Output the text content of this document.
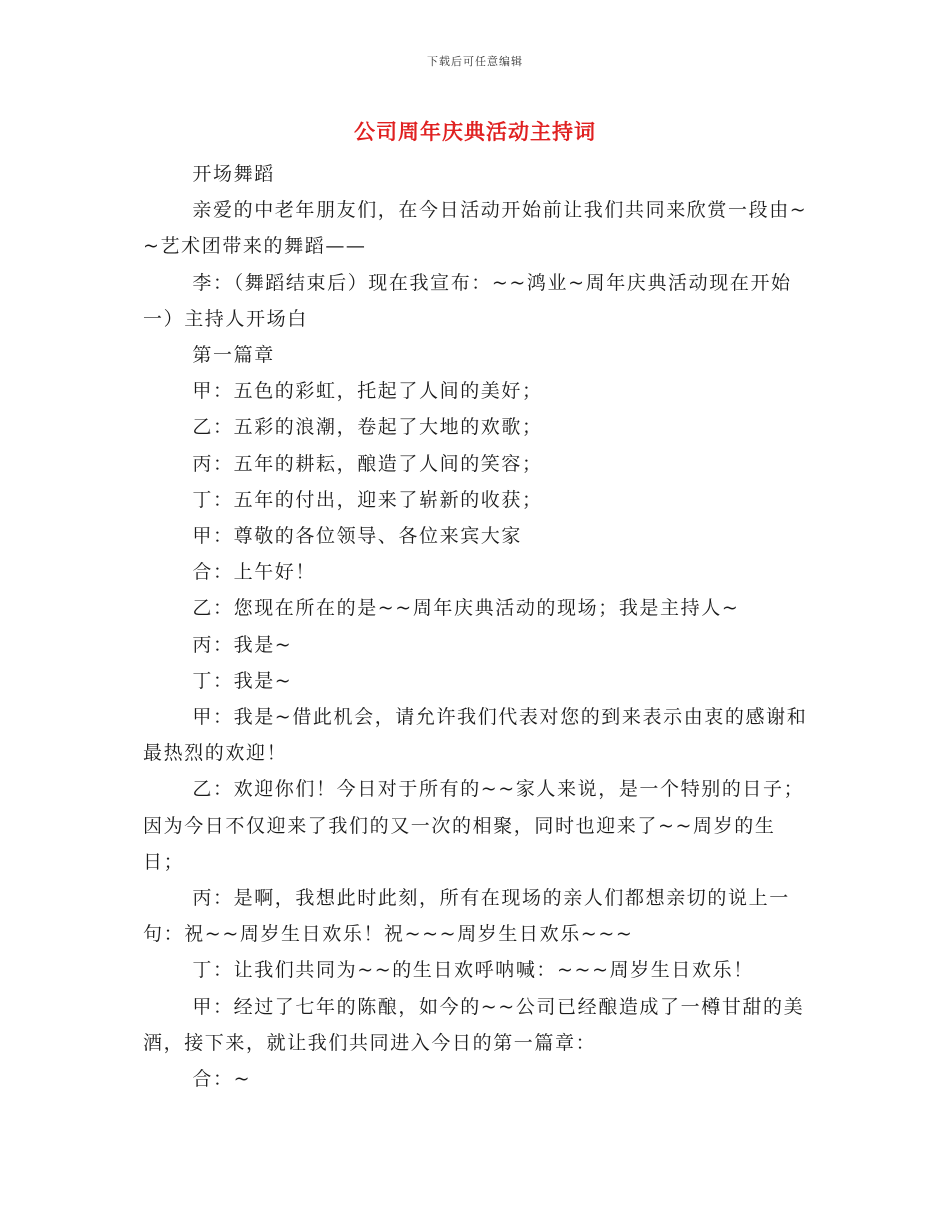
下载后可任意编辑
公司周年庆典活动主持词

开场舞蹈

亲爱的中老年朋友们，在今日活动开始前让我们共同来欣赏一段由~~艺术团带来的舞蹈——

李：（舞蹈结束后）现在我宣布：~~鸿业~周年庆典活动现在开始一）主持人开场白

第一篇章

甲：五色的彩虹，托起了人间的美好；

乙：五彩的浪潮，卷起了大地的欢歌；

丙：五年的耕耘，酿造了人间的笑容；

丁：五年的付出，迎来了崭新的收获；

甲：尊敬的各位领导、各位来宾大家

合：上午好！

乙：您现在所在的是~~周年庆典活动的现场；我是主持人~

丙：我是~

丁：我是~

甲：我是~借此机会，请允许我们代表对您的到来表示由衷的感谢和最热烈的欢迎！

乙：欢迎你们！今日对于所有的~~家人来说，是一个特别的日子；因为今日不仅迎来了我们的又一次的相聚，同时也迎来了~~周岁的生日；

丙：是啊，我想此时此刻，所有在现场的亲人们都想亲切的说上一句：祝~~周岁生日欢乐！祝~~~周岁生日欢乐~~~

丁：让我们共同为~~的生日欢呼呐喊：~~~周岁生日欢乐！

甲：经过了七年的陈酿，如今的~~公司已经酿造成了一樽甘甜的美酒，接下来，就让我们共同进入今日的第一篇章：

合：~
